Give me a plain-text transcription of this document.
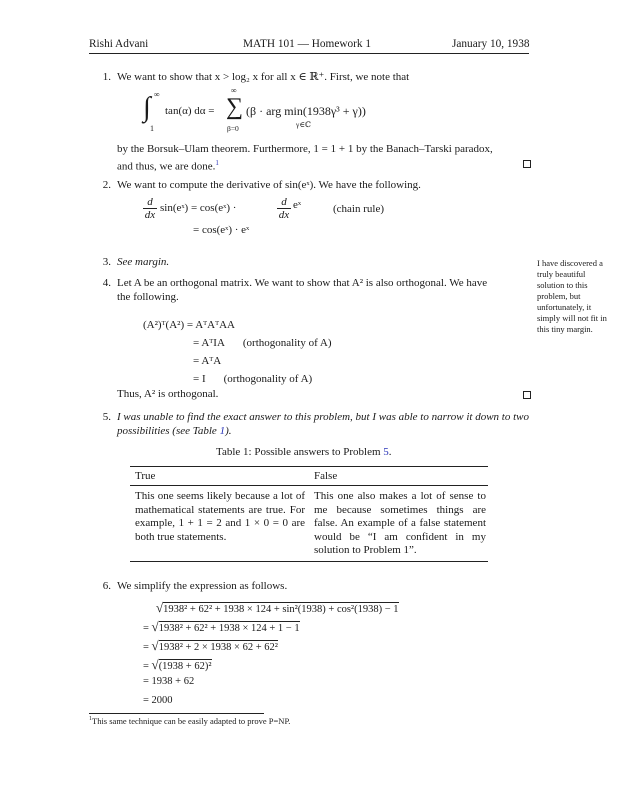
Rishi Advani	MATH 101 — Homework 1	January 10, 1938
1. We want to show that x > log₂ x for all x ∈ ℝ⁺. First, we note that
∫ ∞
1
tan(α) dα = ∑
∞
β=0
(β · arg min(1938γ³ + γ))
γ∈ℂ
by the Borsuk–Ulam theorem. Furthermore, 1 = 1 + 1 by the Banach–Tarski paradox,
and thus, we are done.$^1$
2. We want to compute the derivative of sin(eˣ). We have the following.
$\frac{d}{dx}$ sin(eˣ) = cos(eˣ) ·	$\frac{d}{dx}$ eˣ	(chain rule)
= cos(eˣ) · eˣ
3. See margin.	I have discovered a truly beautiful solution to this problem, but unfortunately, it simply will not fit in this tiny margin.
4. Let A be an orthogonal matrix. We want to show that A² is also orthogonal. We have
the following.
(A²)ᵀ(A²) = AᵀAᵀAA
= AᵀIA (orthogonality of A)
= AᵀA
= I (orthogonality of A)
Thus, A² is orthogonal.
5. I was unable to find the exact answer to this problem, but I was able to narrow it down to two
possibilities (see Table 1).
Table 1: Possible answers to Problem 5.
True	False
This one seems likely because a lot of mathematical statements are true. For example, 1 + 1 = 2 and 1 × 0 = 0 are both true statements.
This one also makes a lot of sense to me because sometimes things are false. An example of a false statement would be “I am confident in my solution to Problem 1”.
6. We simplify the expression as follows.
√1938² + 62² + 1938 × 124 + sin²(1938) + cos²(1938) − 1
= √1938² + 62² + 1938 × 124 + 1 − 1
= √1938² + 2 × 1938 × 62 + 62²
= √(1938 + 62)²
= 1938 + 62
= 2000
$^1$This same technique can be easily adapted to prove P=NP.
